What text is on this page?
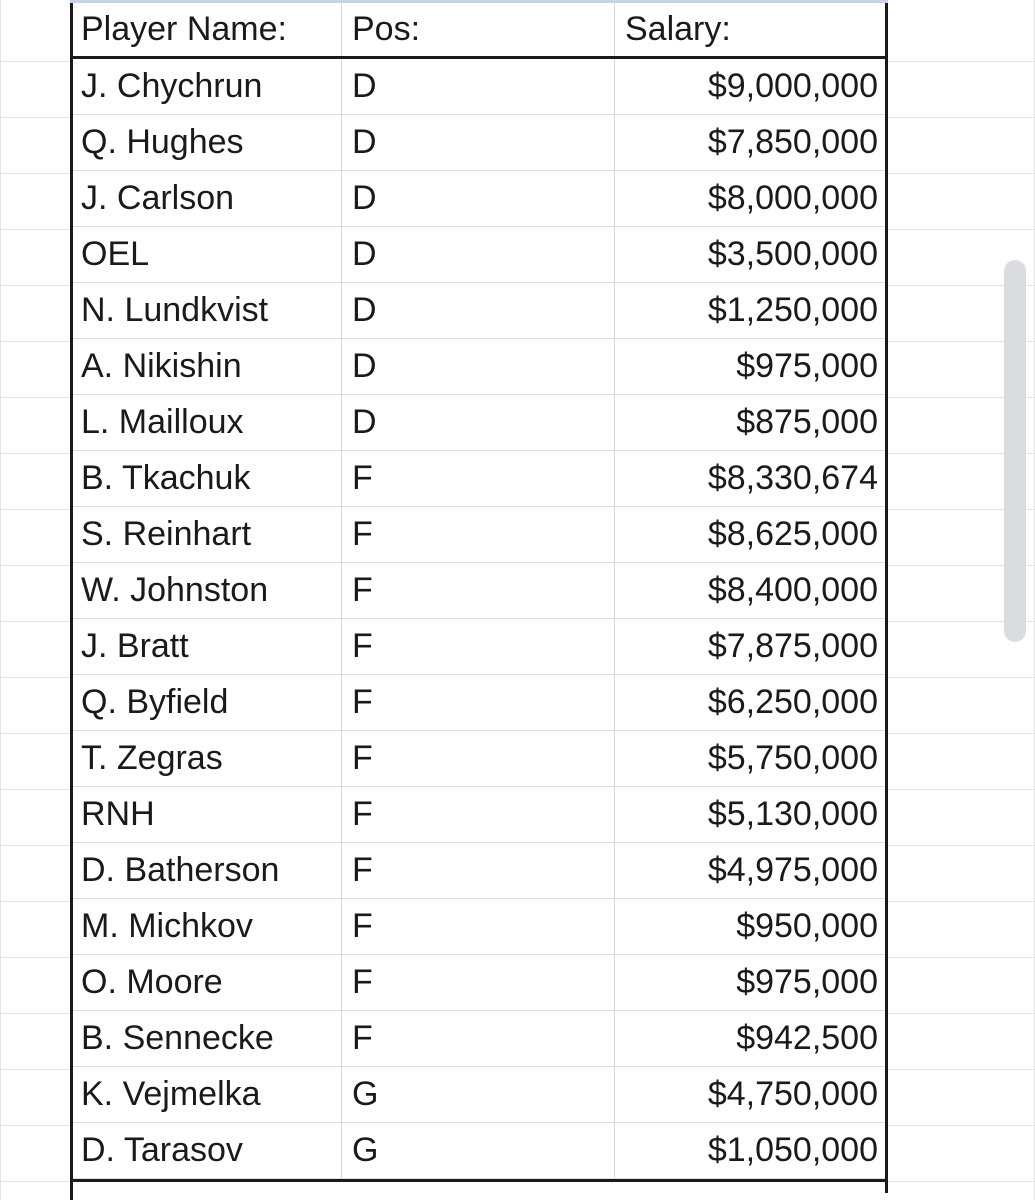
Player Name:	Pos:	Salary:
J. Chychrun	D	$9,000,000
Q. Hughes	D	$7,850,000
J. Carlson	D	$8,000,000
OEL	D	$3,500,000
N. Lundkvist	D	$1,250,000
A. Nikishin	D	$975,000
L. Mailloux	D	$875,000
B. Tkachuk	F	$8,330,674
S. Reinhart	F	$8,625,000
W. Johnston	F	$8,400,000
J. Bratt	F	$7,875,000
Q. Byfield	F	$6,250,000
T. Zegras	F	$5,750,000
RNH	F	$5,130,000
D. Batherson	F	$4,975,000
M. Michkov	F	$950,000
O. Moore	F	$975,000
B. Sennecke	F	$942,500
K. Vejmelka	G	$4,750,000
D. Tarasov	G	$1,050,000
